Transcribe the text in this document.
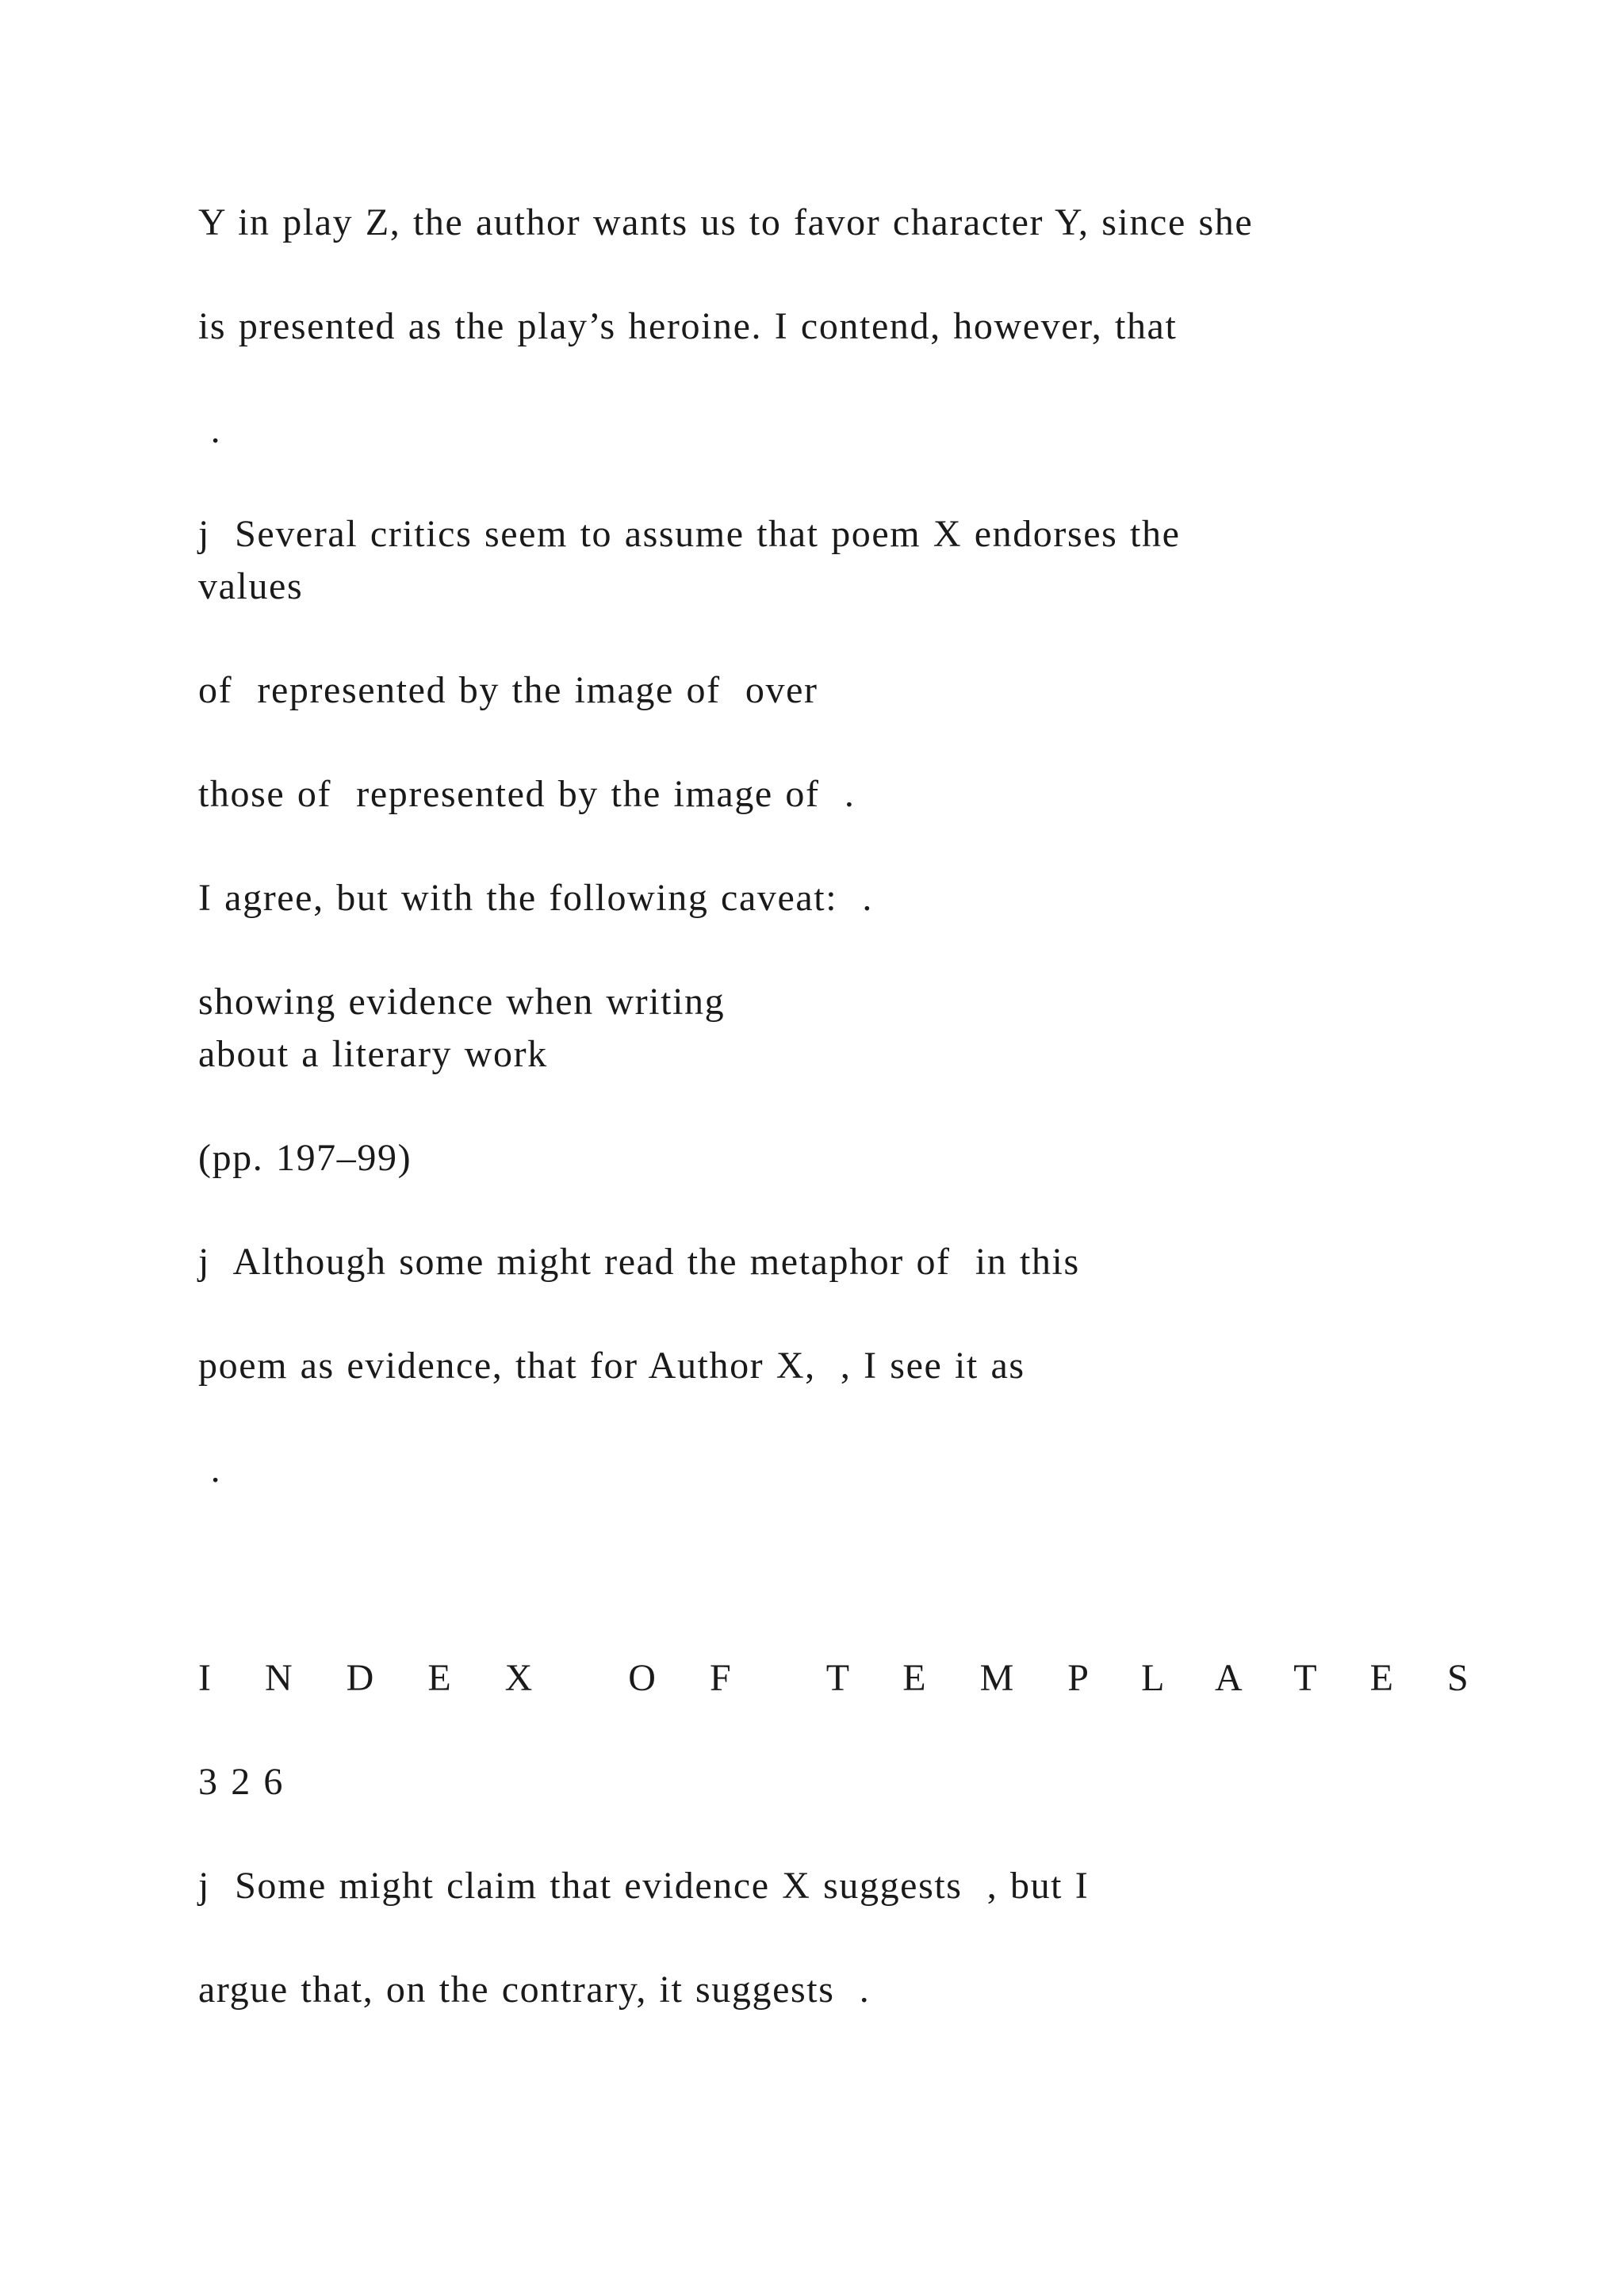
Y in play Z, the author wants us to favor character Y, since she
is presented as the play’s heroine. I contend, however, that
.
j  Several critics seem to assume that poem X endorses the
values
of  represented by the image of  over
those of  represented by the image of  .
I agree, but with the following caveat:  .
showing evidence when writing
about a literary work
(pp. 197–99)
j  Although some might read the metaphor of  in this
poem as evidence, that for Author X,  , I see it as
.
I N D E X  O F  T E M P L A T E S
3 2 6
j  Some might claim that evidence X suggests  , but I
argue that, on the contrary, it suggests  .
